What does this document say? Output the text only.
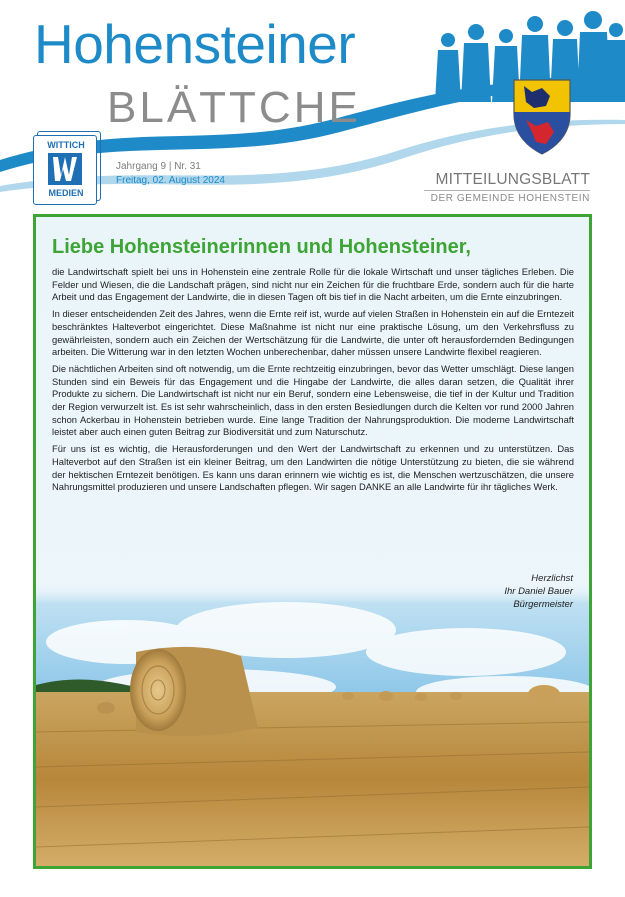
Hohensteiner
BLÄTTCHE
WITTICH
MEDIEN
Jahrgang 9 | Nr. 31
Freitag, 02. August 2024	MITTEILUNGSBLATT
DER GEMEINDE HOHENSTEIN
Liebe Hohensteinerinnen und Hohensteiner,

die Landwirtschaft spielt bei uns in Hohenstein eine zentrale Rolle für die lokale Wirtschaft und unser tägliches Erleben. Die Felder und Wiesen, die die Landschaft prägen, sind nicht nur ein Zeichen für die fruchtbare Erde, sondern auch für die harte Arbeit und das Engagement der Landwirte, die in diesen Tagen oft bis tief in die Nacht arbeiten, um die Ernte einzubringen.

In dieser entscheidenden Zeit des Jahres, wenn die Ernte reif ist, wurde auf vielen Straßen in Hohenstein ein auf die Erntezeit beschränktes Halteverbot eingerichtet. Diese Maßnahme ist nicht nur eine praktische Lösung, um den Verkehrsfluss zu gewährleisten, sondern auch ein Zeichen der Wertschätzung für die Landwirte, die unter oft herausfordernden Bedingungen arbeiten. Die Witterung war in den letzten Wochen unberechenbar, daher müssen unsere Landwirte flexibel reagieren.

Die nächtlichen Arbeiten sind oft notwendig, um die Ernte rechtzeitig einzubringen, bevor das Wetter umschlägt. Diese langen Stunden sind ein Beweis für das Engagement und die Hingabe der Landwirte, die alles daran setzen, die Qualität ihrer Produkte zu sichern. Die Landwirtschaft ist nicht nur ein Beruf, sondern eine Lebensweise, die tief in der Kultur und Tradition der Region verwurzelt ist. Es ist sehr wahrscheinlich, dass in den ersten Besiedlungen durch die Kelten vor rund 2000 Jahren schon Ackerbau in Hohenstein betrieben wurde. Eine lange Tradition der Nahrungsproduktion. Die moderne Landwirtschaft leistet aber auch einen guten Beitrag zur Biodiversität und zum Naturschutz.

Für uns ist es wichtig, die Herausforderungen und den Wert der Landwirtschaft zu erkennen und zu unterstützen. Das Halteverbot auf den Straßen ist ein kleiner Beitrag, um den Landwirten die nötige Unterstützung zu bieten, die sie während der hektischen Erntezeit benötigen. Es kann uns daran erinnern wie wichtig es ist, die Menschen wertzuschätzen, die unsere Nahrungsmittel produzieren und unsere Landschaften pflegen. Wir sagen DANKE an alle Landwirte für ihr tägliches Werk.

Herzlichst
Ihr Daniel Bauer
Bürgermeister
